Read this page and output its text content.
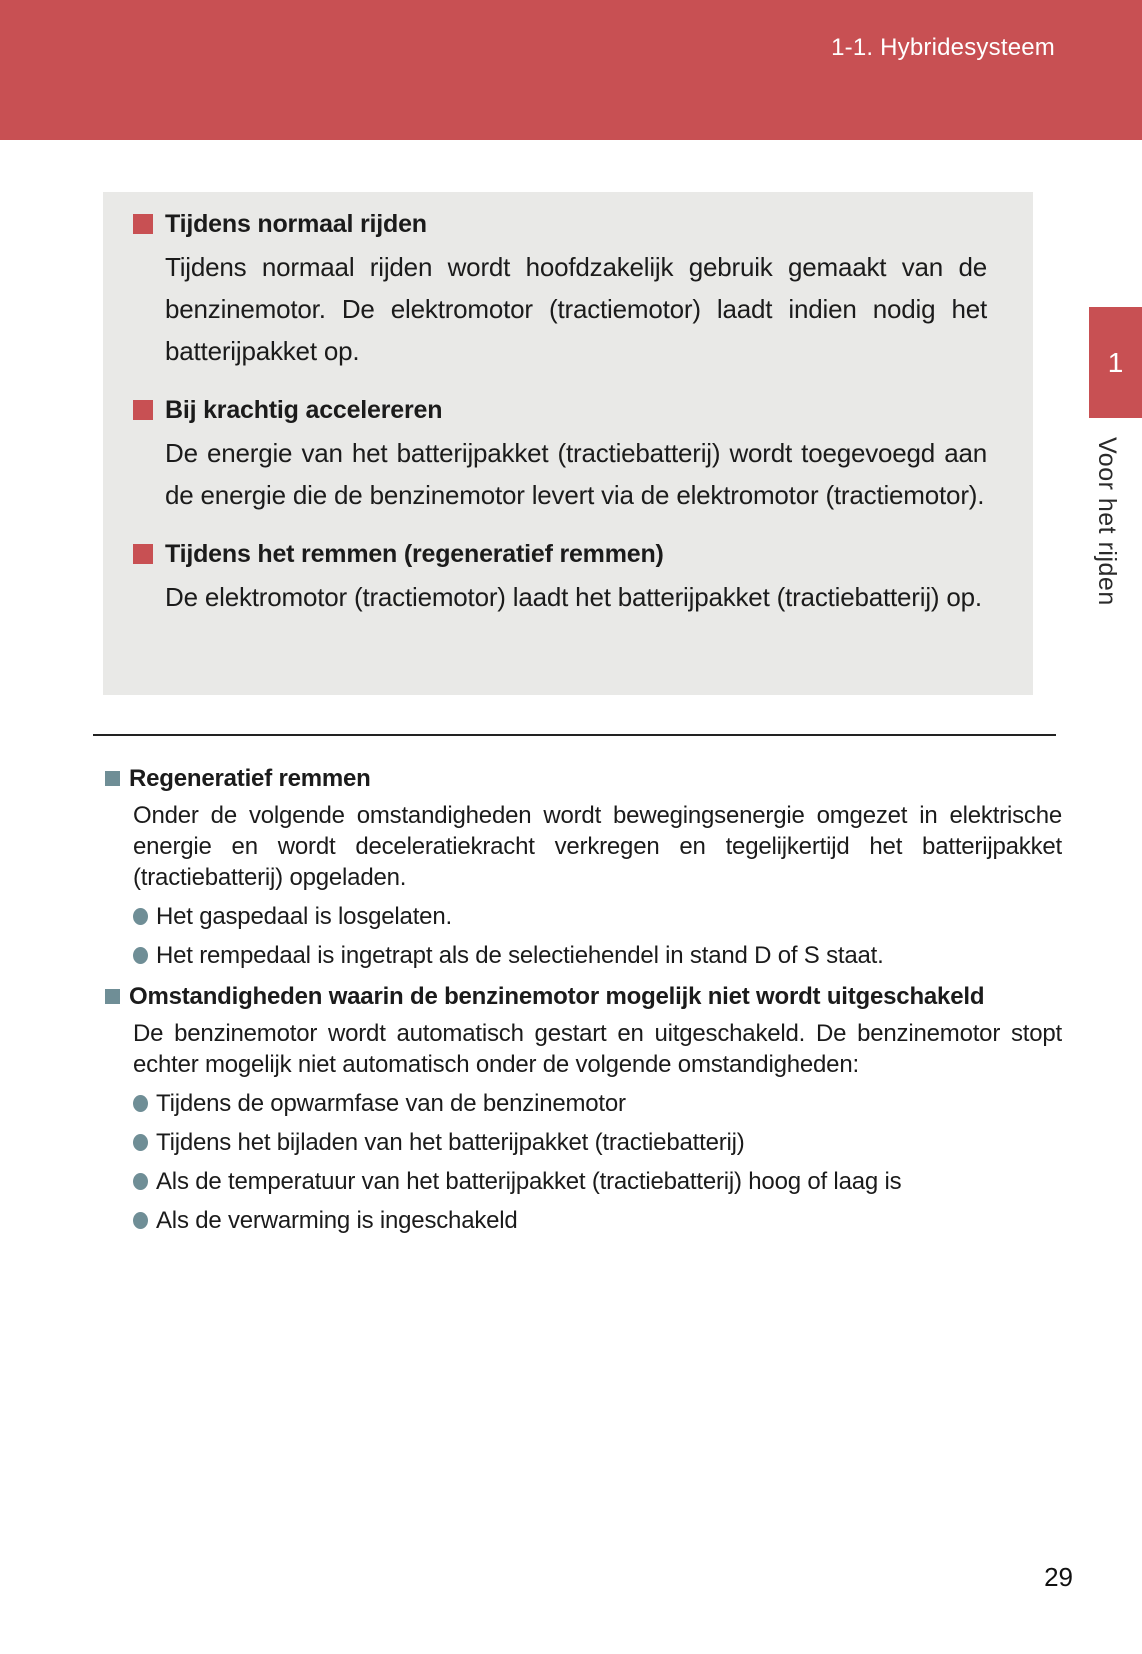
1-1. Hybridesysteem
Tijdens normaal rijden

Tijdens normaal rijden wordt hoofdzakelijk gebruik gemaakt van de benzinemotor. De elektromotor (tractiemotor) laadt indien nodig het batterijpakket op.

Bij krachtig accelereren

De energie van het batterijpakket (tractiebatterij) wordt toegevoegd aan de energie die de benzinemotor levert via de elektromotor (tractiemotor).

Tijdens het remmen (regeneratief remmen)

De elektromotor (tractiemotor) laadt het batterijpakket (tractiebatterij) op.

1
Voor het rijden
Regeneratief remmen

Onder de volgende omstandigheden wordt bewegingsenergie omgezet in elektrische energie en wordt deceleratiekracht verkregen en tegelijkertijd het batterijpakket (tractiebatterij) opgeladen.

Het gaspedaal is losgelaten.
Het rempedaal is ingetrapt als de selectiehendel in stand D of S staat.
Omstandigheden waarin de benzinemotor mogelijk niet wordt uitgeschakeld

De benzinemotor wordt automatisch gestart en uitgeschakeld. De benzinemotor stopt echter mogelijk niet automatisch onder de volgende omstandigheden:

Tijdens de opwarmfase van de benzinemotor
Tijdens het bijladen van het batterijpakket (tractiebatterij)
Als de temperatuur van het batterijpakket (tractiebatterij) hoog of laag is
Als de verwarming is ingeschakeld
29
